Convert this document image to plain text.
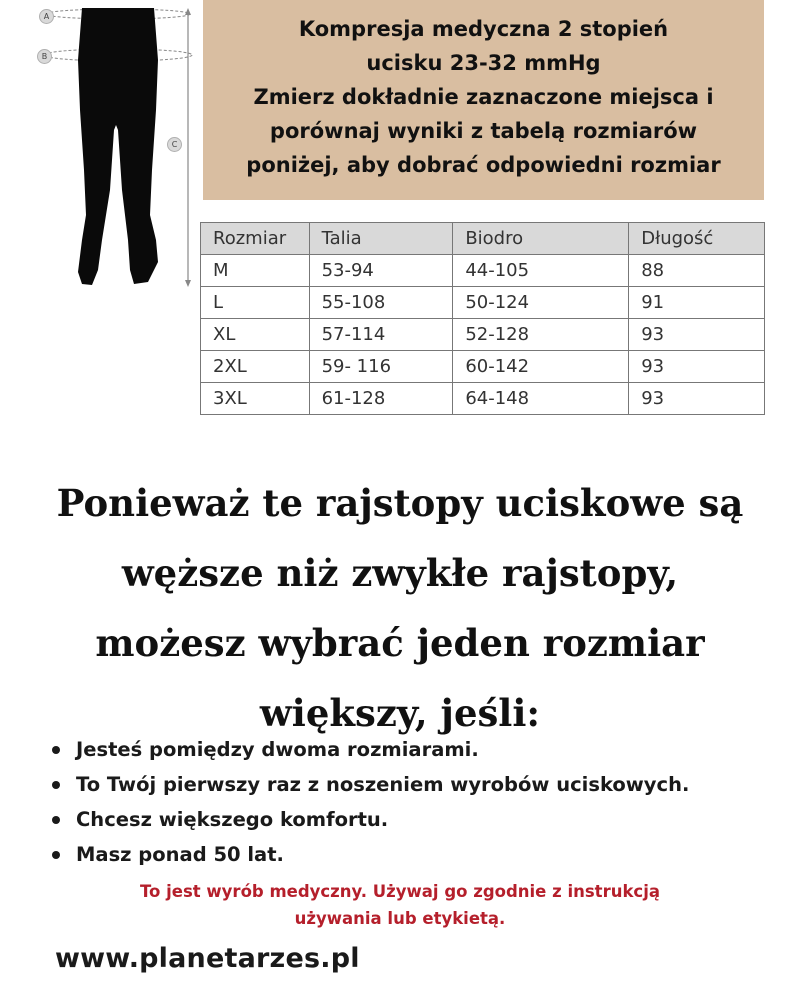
A
B
C
Kompresja medyczna 2 stopień
ucisku 23-32 mmHg
Zmierz dokładnie zaznaczone miejsca i
porównaj wyniki z tabelą rozmiarów
poniżej, aby dobrać odpowiedni rozmiar
Rozmiar	Talia	Biodro	Długość
M	53-94	44-105	88
L	55-108	50-124	91
XL	57-114	52-128	93
2XL	59- 116	60-142	93
3XL	61-128	64-148	93
Ponieważ te rajstopy uciskowe są
węższe niż zwykłe rajstopy,
możesz wybrać jeden rozmiar
większy, jeśli:
Jesteś pomiędzy dwoma rozmiarami.
To Twój pierwszy raz z noszeniem wyrobów uciskowych.
Chcesz większego komfortu.
Masz ponad 50 lat.
To jest wyrób medyczny. Używaj go zgodnie z instrukcją
używania lub etykietą.
www.planetarzes.pl
